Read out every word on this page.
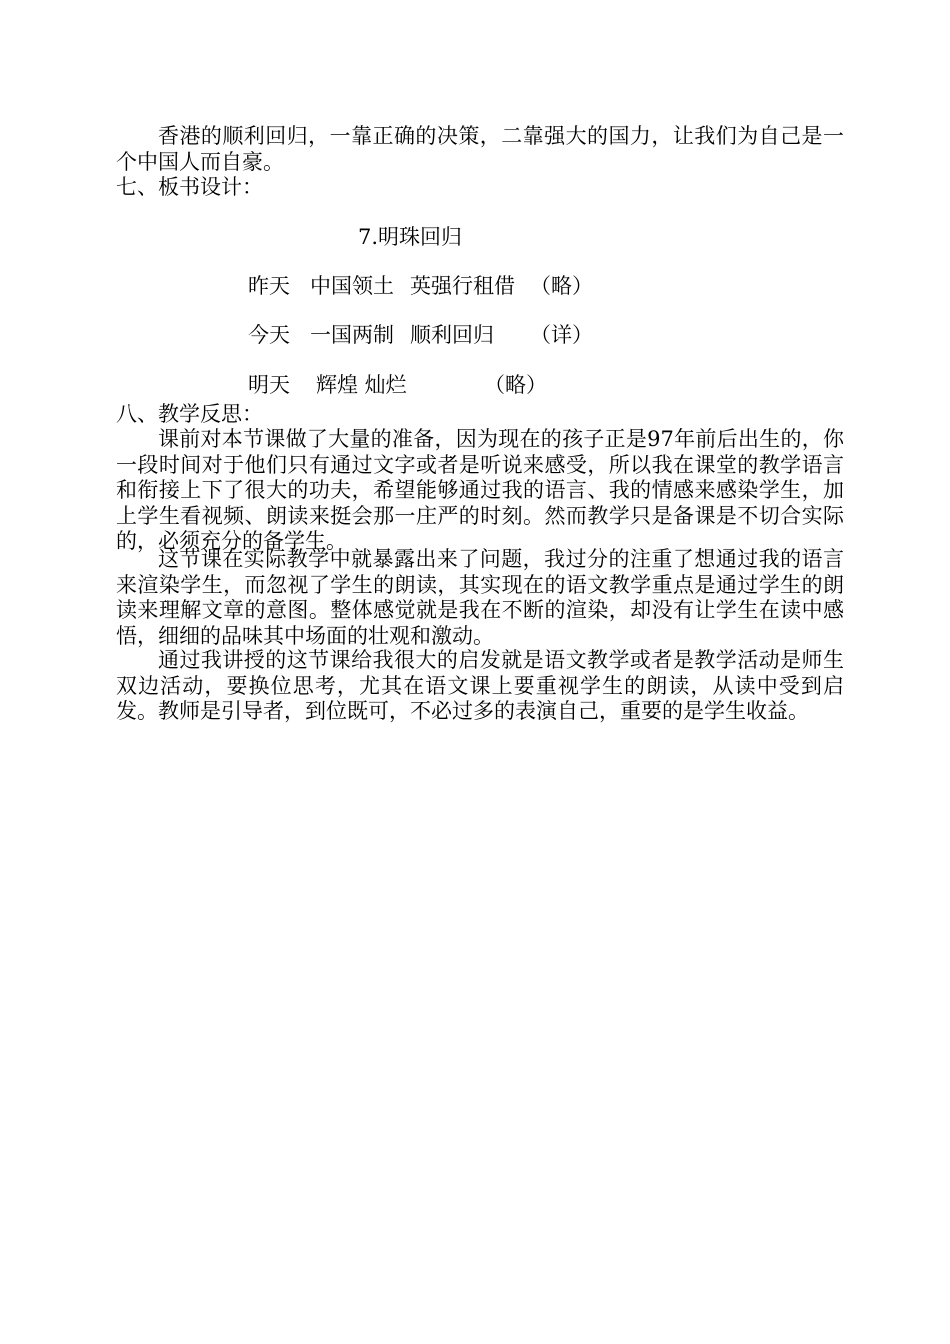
香港的顺利回归，一靠正确的决策，二靠强大的国力，让我们为自己是一个中国人而自豪。

七、板书设计：

7.明珠回归

昨天 中国领土 英强行租借 （略）
今天 一国两制 顺利回归 （详）
明天 辉煌 灿烂	（略）

八、教学反思：

课前对本节课做了大量的准备，因为现在的孩子正是97年前后出生的，你一段时间对于他们只有通过文字或者是听说来感受，所以我在课堂的教学语言和衔接上下了很大的功夫，希望能够通过我的语言、我的情感来感染学生，加上学生看视频、朗读来挺会那一庄严的时刻。然而教学只是备课是不切合实际的，必须充分的备学生。

这节课在实际教学中就暴露出来了问题，我过分的注重了想通过我的语言来渲染学生，而忽视了学生的朗读，其实现在的语文教学重点是通过学生的朗读来理解文章的意图。整体感觉就是我在不断的渲染，却没有让学生在读中感悟，细细的品味其中场面的壮观和激动。

通过我讲授的这节课给我很大的启发就是语文教学或者是教学活动是师生双边活动，要换位思考，尤其在语文课上要重视学生的朗读，从读中受到启发。教师是引导者，到位既可，不必过多的表演自己，重要的是学生收益。
